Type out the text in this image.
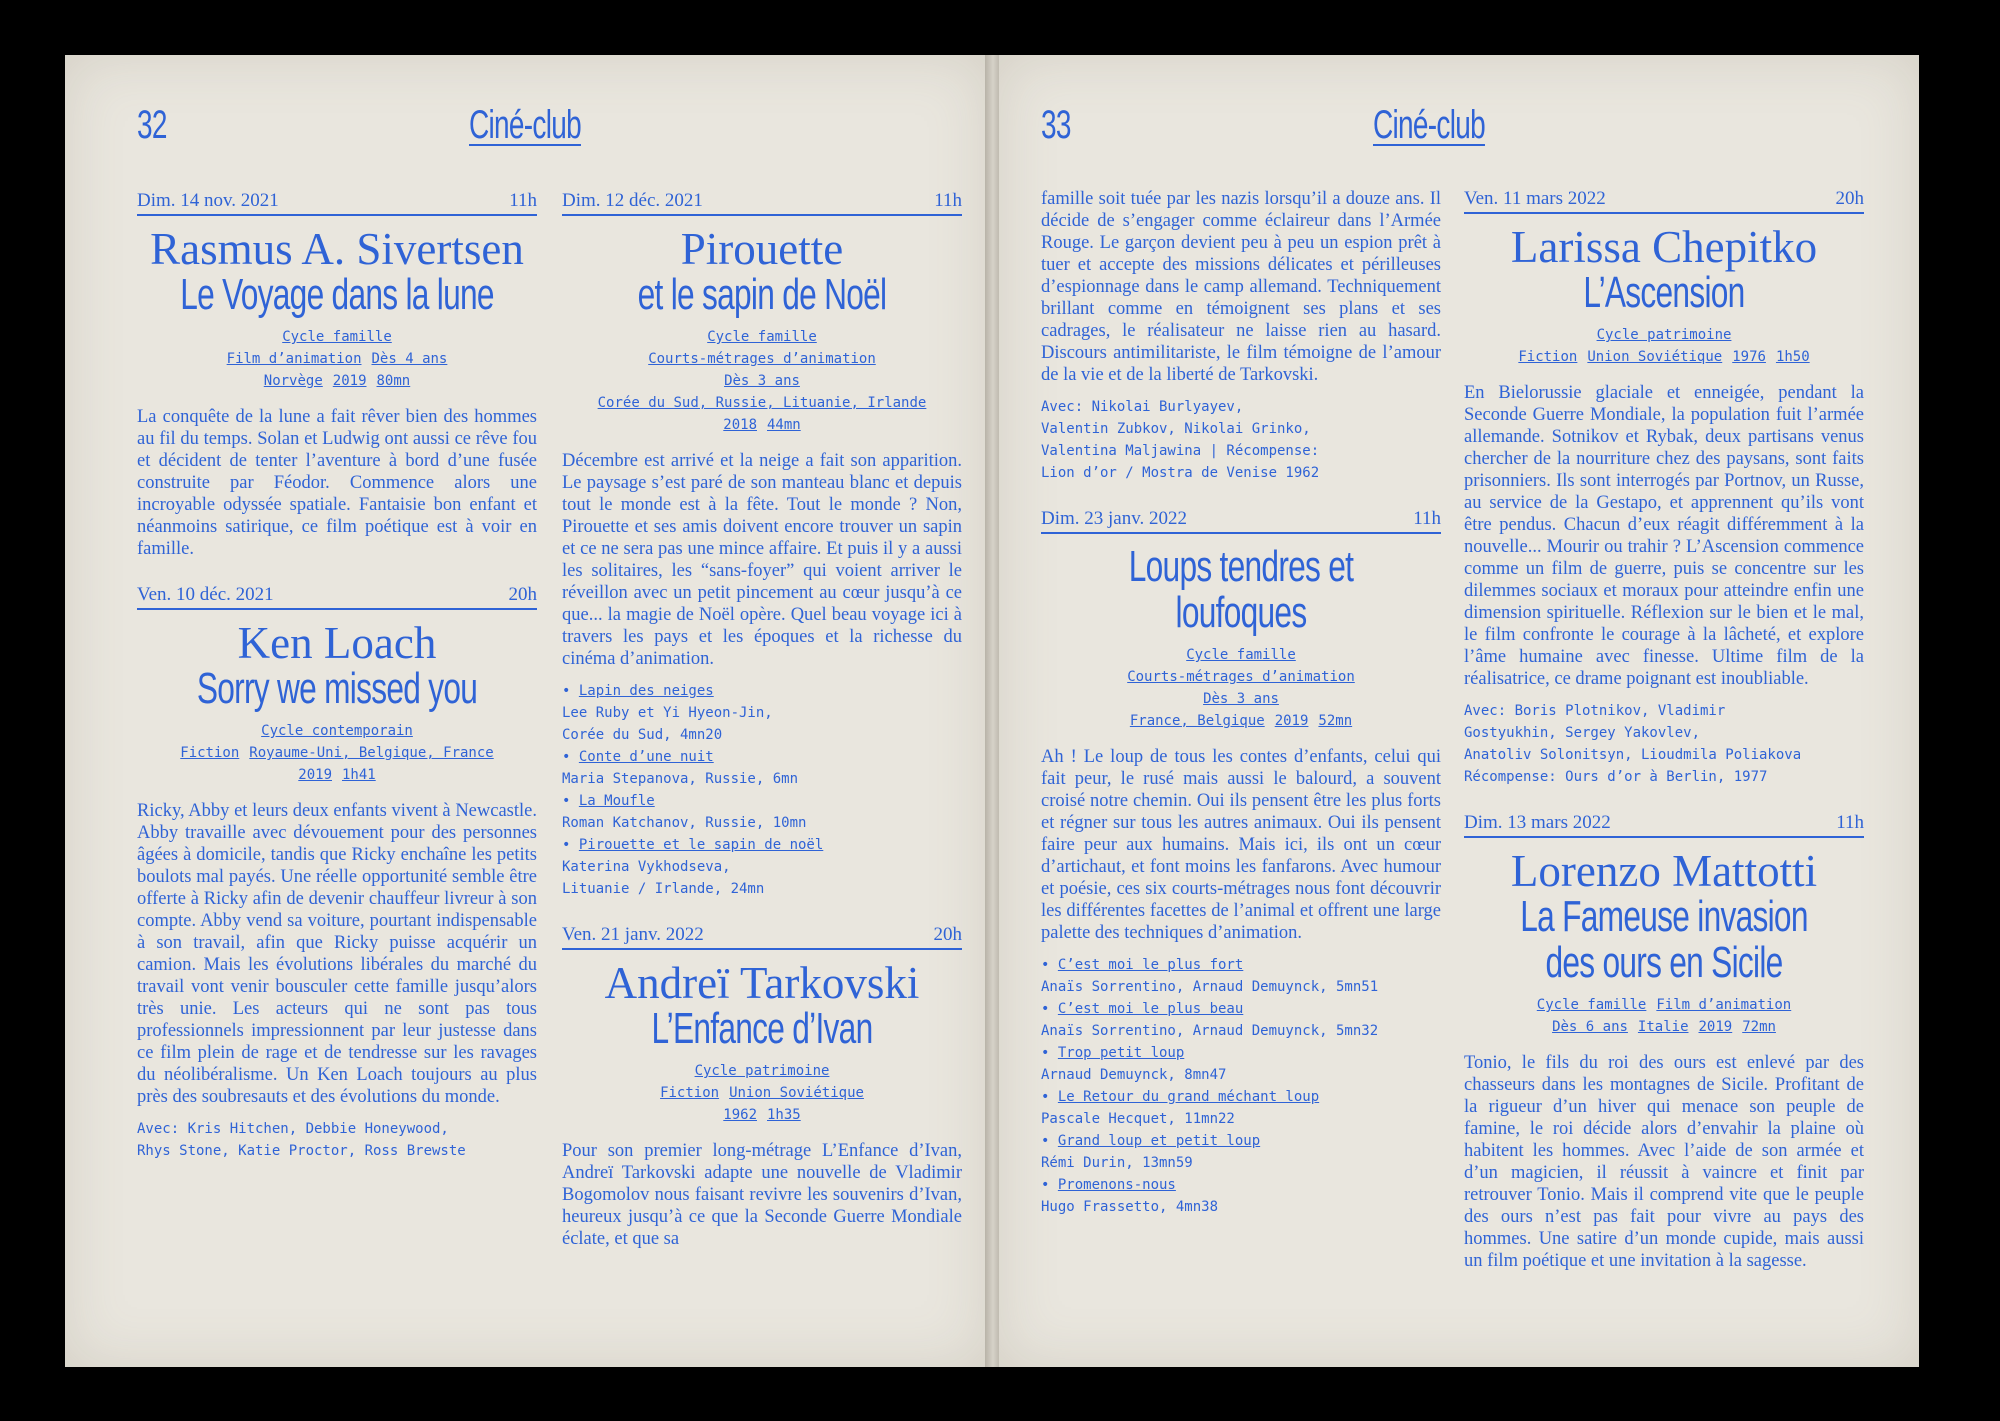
32	Ciné-club
Dim. 14 nov. 2021	11h
Rasmus A. Sivertsen
Le Voyage dans la lune
Cycle famille
Film d’animation Dès 4 ans
Norvège 2019 80mn
La conquête de la lune a fait rêver bien des hommes au fil du temps. Solan et Ludwig ont aussi ce rêve fou et décident de tenter l’aventure à bord d’une fusée construite par Féodor. Commence alors une incroyable odyssée spatiale. Fantaisie bon enfant et néanmoins satirique, ce film poétique est à voir en famille.
Ven. 10 déc. 2021	20h
Ken Loach
Sorry we missed you
Cycle contemporain
Fiction Royaume-Uni, Belgique, France
2019 1h41
Ricky, Abby et leurs deux enfants vivent à Newcastle. Abby travaille avec dévouement pour des personnes âgées à domicile, tandis que Ricky enchaîne les petits boulots mal payés. Une réelle opportunité semble être offerte à Ricky afin de devenir chauffeur livreur à son compte. Abby vend sa voiture, pourtant indispensable à son travail, afin que Ricky puisse acquérir un camion. Mais les évolutions libérales du marché du travail vont venir bousculer cette famille jusqu’alors très unie. Les acteurs qui ne sont pas tous professionnels impressionnent par leur justesse dans ce film plein de rage et de tendresse sur les ravages du néolibéralisme. Un Ken Loach toujours au plus près des soubresauts et des évolutions du monde.
Avec: Kris Hitchen, Debbie Honeywood,
Rhys Stone, Katie Proctor, Ross Brewste
Dim. 12 déc. 2021	11h
Pirouette
et le sapin de Noël
Cycle famille
Courts-métrages d’animation
Dès 3 ans
Corée du Sud, Russie, Lituanie, Irlande
2018 44mn
Décembre est arrivé et la neige a fait son apparition. Le paysage s’est paré de son manteau blanc et depuis tout le monde est à la fête. Tout le monde ? Non, Pirouette et ses amis doivent encore trouver un sapin et ce ne sera pas une mince affaire. Et puis il y a aussi les solitaires, les “sans-foyer” qui voient arriver le réveillon avec un petit pincement au cœur jusqu’à ce que... la magie de Noël opère. Quel beau voyage ici à travers les pays et les époques et la richesse du cinéma d’animation.
• Lapin des neiges
Lee Ruby et Yi Hyeon-Jin,
Corée du Sud, 4mn20
• Conte d’une nuit
Maria Stepanova, Russie, 6mn
• La Moufle
Roman Katchanov, Russie, 10mn
• Pirouette et le sapin de noël
Katerina Vykhodseva,
Lituanie / Irlande, 24mn
Ven. 21 janv. 2022	20h
Andreï Tarkovski
L’Enfance d’Ivan
Cycle patrimoine
Fiction Union Soviétique
1962 1h35
Pour son premier long-métrage L’Enfance d’Ivan, Andreï Tarkovski adapte une nouvelle de Vladimir Bogomolov nous faisant revivre les souvenirs d’Ivan, heureux jusqu’à ce que la Seconde Guerre Mondiale éclate, et que sa
33	Ciné-club
famille soit tuée par les nazis lorsqu’il a douze ans. Il décide de s’engager comme éclaireur dans l’Armée Rouge. Le garçon devient peu à peu un espion prêt à tuer et accepte des missions délicates et périlleuses d’espionnage dans le camp allemand. Techniquement brillant comme en témoignent ses plans et ses cadrages, le réalisateur ne laisse rien au hasard. Discours antimilitariste, le film témoigne de l’amour de la vie et de la liberté de Tarkovski.
Avec: Nikolai Burlyayev,
Valentin Zubkov, Nikolai Grinko,
Valentina Maljawina | Récompense:
Lion d’or / Mostra de Venise 1962
Dim. 23 janv. 2022	11h
Loups tendres et loufoques
Cycle famille
Courts-métrages d’animation
Dès 3 ans
France, Belgique 2019 52mn
Ah ! Le loup de tous les contes d’enfants, celui qui fait peur, le rusé mais aussi le balourd, a souvent croisé notre chemin. Oui ils pensent être les plus forts et régner sur tous les autres animaux. Oui ils pensent faire peur aux humains. Mais ici, ils ont un cœur d’artichaut, et font moins les fanfarons. Avec humour et poésie, ces six courts-métrages nous font découvrir les différentes facettes de l’animal et offrent une large palette des techniques d’animation.
• C’est moi le plus fort
Anaïs Sorrentino, Arnaud Demuynck, 5mn51
• C’est moi le plus beau
Anaïs Sorrentino, Arnaud Demuynck, 5mn32
• Trop petit loup
Arnaud Demuynck, 8mn47
• Le Retour du grand méchant loup
Pascale Hecquet, 11mn22
• Grand loup et petit loup
Rémi Durin, 13mn59
• Promenons-nous
Hugo Frassetto, 4mn38
Ven. 11 mars 2022	20h
Larissa Chepitko
L’Ascension
Cycle patrimoine
Fiction Union Soviétique 1976 1h50
En Bielorussie glaciale et enneigée, pendant la Seconde Guerre Mondiale, la population fuit l’armée allemande. Sotnikov et Rybak, deux partisans venus chercher de la nourriture chez des paysans, sont faits prisonniers. Ils sont interrogés par Portnov, un Russe, au service de la Gestapo, et apprennent qu’ils vont être pendus. Chacun d’eux réagit différemment à la nouvelle... Mourir ou trahir ? L’Ascension commence comme un film de guerre, puis se concentre sur les dilemmes sociaux et moraux pour atteindre enfin une dimension spirituelle. Réflexion sur le bien et le mal, le film confronte le courage à la lâcheté, et explore l’âme humaine avec finesse. Ultime film de la réalisatrice, ce drame poignant est inoubliable.
Avec: Boris Plotnikov, Vladimir
Gostyukhin, Sergey Yakovlev,
Anatoliv Solonitsyn, Lioudmila Poliakova
Récompense: Ours d’or à Berlin, 1977
Dim. 13 mars 2022	11h
Lorenzo Mattotti
La Fameuse invasion des ours en Sicile
Cycle famille Film d’animation
Dès 6 ans Italie 2019 72mn
Tonio, le fils du roi des ours est enlevé par des chasseurs dans les montagnes de Sicile. Profitant de la rigueur d’un hiver qui menace son peuple de famine, le roi décide alors d’envahir la plaine où habitent les hommes. Avec l’aide de son armée et d’un magicien, il réussit à vaincre et finit par retrouver Tonio. Mais il comprend vite que le peuple des ours n’est pas fait pour vivre au pays des hommes. Une satire d’un monde cupide, mais aussi un film poétique et une invitation à la sagesse.
